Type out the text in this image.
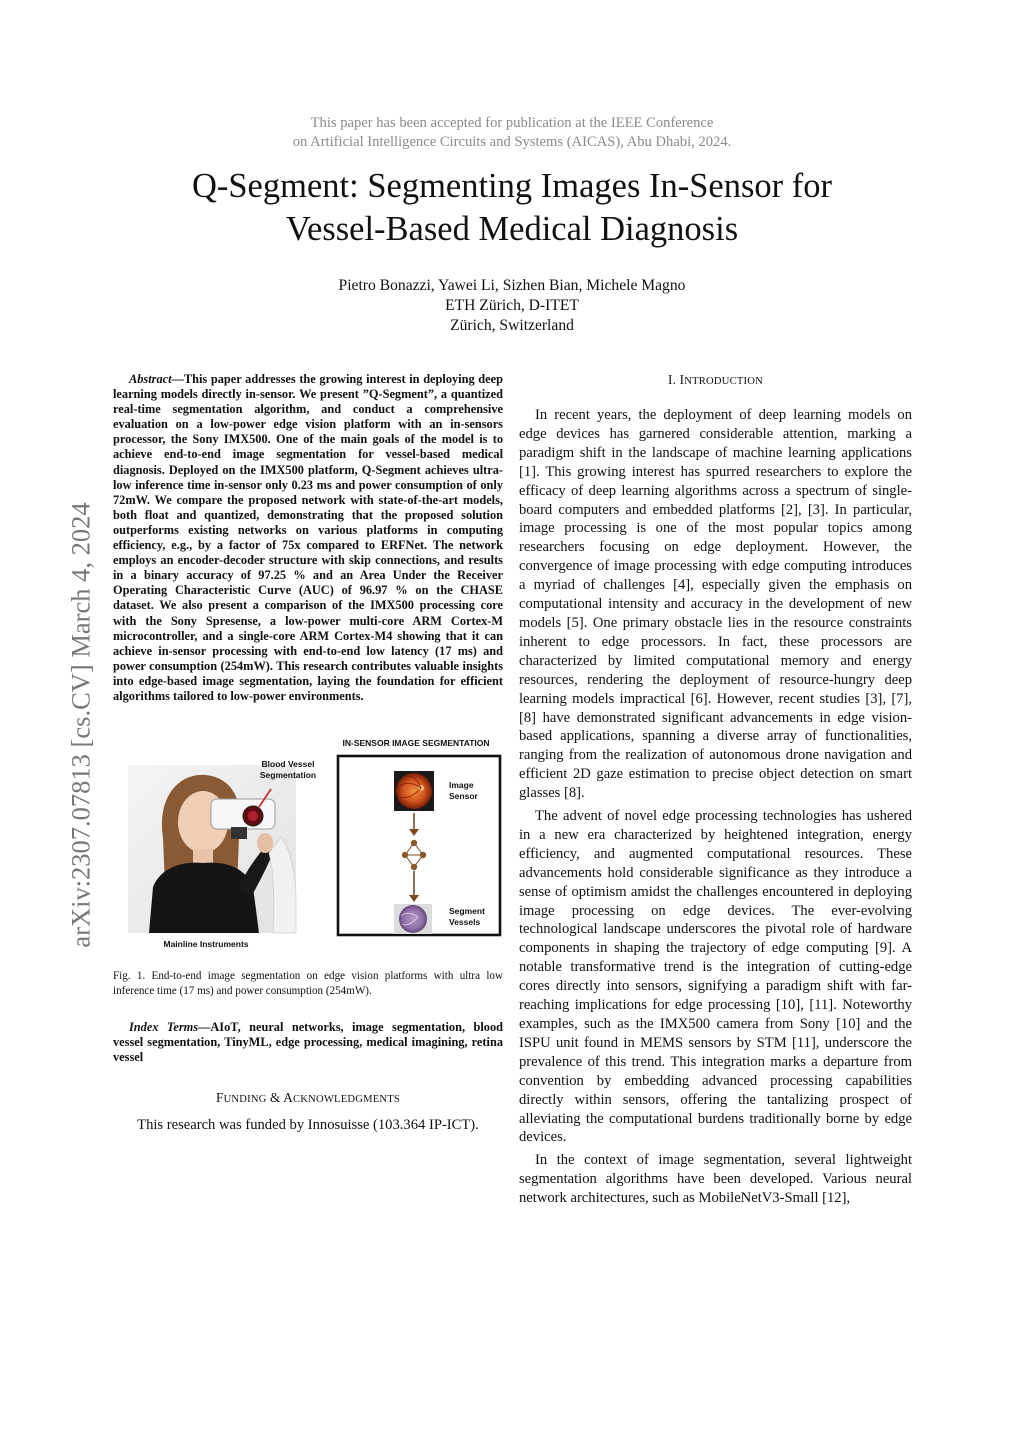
This paper has been accepted for publication at the IEEE Conference
on Artificial Intelligence Circuits and Systems (AICAS), Abu Dhabi, 2024.
Q-Segment: Segmenting Images In-Sensor for
Vessel-Based Medical Diagnosis
Pietro Bonazzi, Yawei Li, Sizhen Bian, Michele Magno
ETH Zürich, D-ITET
Zürich, Switzerland
arXiv:2307.07813 [cs.CV] March 4, 2024

Abstract—This paper addresses the growing interest in deploying deep learning models directly in-sensor. We present ”Q-Segment”, a quantized real-time segmentation algorithm, and conduct a comprehensive evaluation on a low-power edge vision platform with an in-sensors processor, the Sony IMX500. One of the main goals of the model is to achieve end-to-end image segmentation for vessel-based medical diagnosis. Deployed on the IMX500 platform, Q-Segment achieves ultra-low inference time in-sensor only 0.23 ms and power consumption of only 72mW. We compare the proposed network with state-of-the-art models, both float and quantized, demonstrating that the proposed solution outperforms existing networks on various platforms in computing efficiency, e.g., by a factor of 75x compared to ERFNet. The network employs an encoder-decoder structure with skip connections, and results in a binary accuracy of 97.25 % and an Area Under the Receiver Operating Characteristic Curve (AUC) of 96.97 % on the CHASE dataset. We also present a comparison of the IMX500 processing core with the Sony Spresense, a low-power multi-core ARM Cortex-M microcontroller, and a single-core ARM Cortex-M4 showing that it can achieve in-sensor processing with end-to-end low latency (17 ms) and power consumption (254mW). This research contributes valuable insights into edge-based image segmentation, laying the foundation for efficient algorithms tailored to low-power environments.

Blood Vessel
Segmentation
Mainline Instruments
IN-SENSOR IMAGE SEGMENTATION
Image
Sensor
Segment
Vessels

Fig. 1. End-to-end image segmentation on edge vision platforms with ultra low inference time (17 ms) and power consumption (254mW).

Index Terms—AIoT, neural networks, image segmentation, blood vessel segmentation, TinyML, edge processing, medical imagining, retina vessel

FUNDING & ACKNOWLEDGMENTS

This research was funded by Innosuisse (103.364 IP-ICT).

I. INTRODUCTION

In recent years, the deployment of deep learning models on edge devices has garnered considerable attention, marking a paradigm shift in the landscape of machine learning applications [1]. This growing interest has spurred researchers to explore the efficacy of deep learning algorithms across a spectrum of single-board computers and embedded platforms [2], [3]. In particular, image processing is one of the most popular topics among researchers focusing on edge deployment. However, the convergence of image processing with edge computing introduces a myriad of challenges [4], especially given the emphasis on computational intensity and accuracy in the development of new models [5]. One primary obstacle lies in the resource constraints inherent to edge processors. In fact, these processors are characterized by limited computational memory and energy resources, rendering the deployment of resource-hungry deep learning models impractical [6]. However, recent studies [3], [7], [8] have demonstrated significant advancements in edge vision-based applications, spanning a diverse array of functionalities, ranging from the realization of autonomous drone navigation and efficient 2D gaze estimation to precise object detection on smart glasses [8].

The advent of novel edge processing technologies has ushered in a new era characterized by heightened integration, energy efficiency, and augmented computational resources. These advancements hold considerable significance as they introduce a sense of optimism amidst the challenges encountered in deploying image processing on edge devices. The ever-evolving technological landscape underscores the pivotal role of hardware components in shaping the trajectory of edge computing [9]. A notable transformative trend is the integration of cutting-edge cores directly into sensors, signifying a paradigm shift with far-reaching implications for edge processing [10], [11]. Noteworthy examples, such as the IMX500 camera from Sony [10] and the ISPU unit found in MEMS sensors by STM [11], underscore the prevalence of this trend. This integration marks a departure from convention by embedding advanced processing capabilities directly within sensors, offering the tantalizing prospect of alleviating the computational burdens traditionally borne by edge devices.

In the context of image segmentation, several lightweight segmentation algorithms have been developed. Various neural network architectures, such as MobileNetV3-Small [12],
